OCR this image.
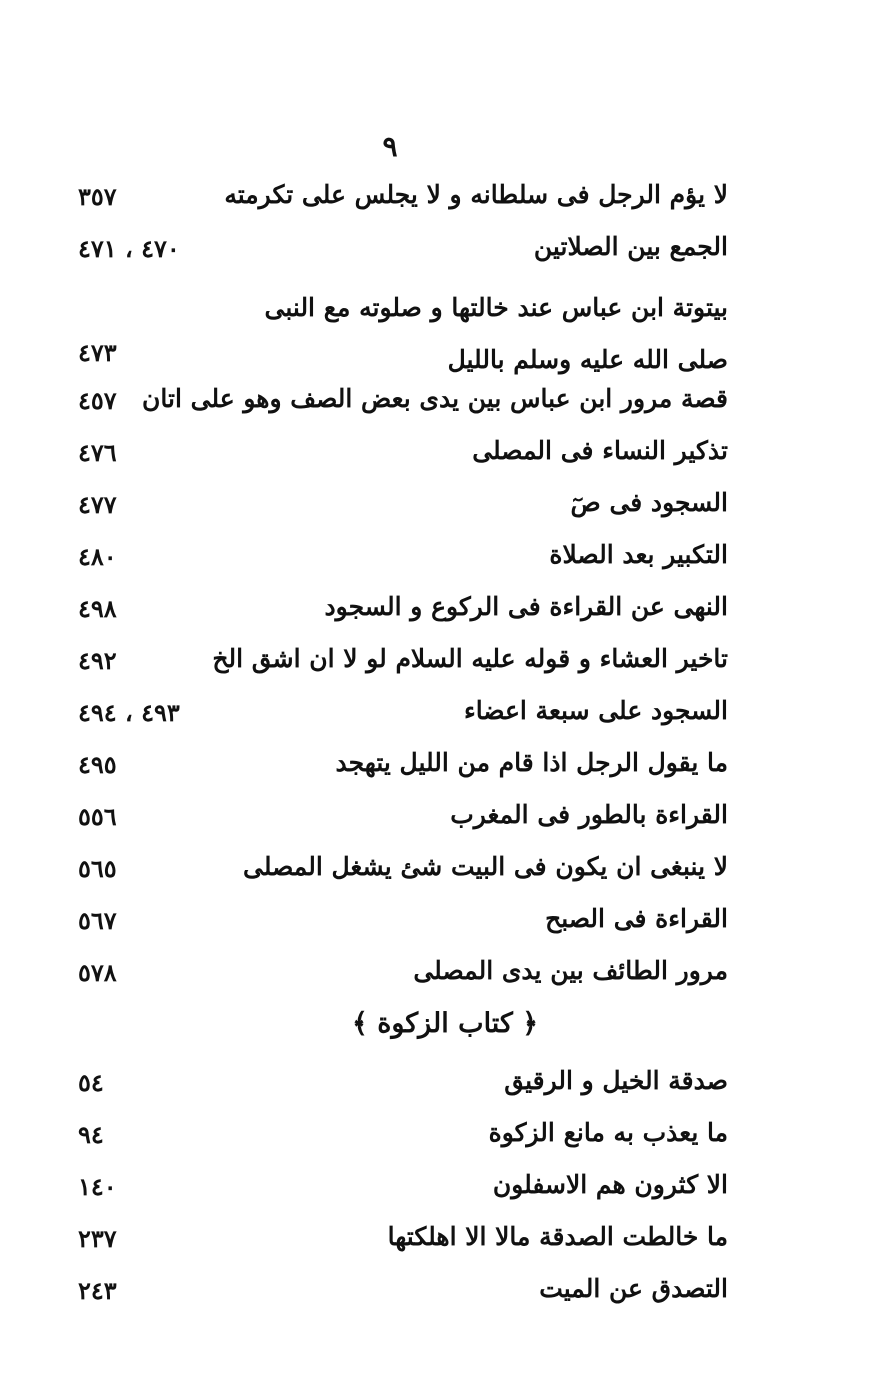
٩
لا يؤم الرجل فى سلطانه و لا يجلس على تكرمته
٣٥٧
الجمع بين الصلاتين
٤٧٠ ، ٤٧١
بيتوتة ابن عباس عند خالتها و صلوته مع النبى صلى الله عليه وسلم بالليل
٤٧٣
قصة مرور ابن عباس بين يدى بعض الصف وهو على اتان
٤٥٧
تذكير النساء فى المصلى
٤٧٦
السجود فى صٓ
٤٧٧
التكبير بعد الصلاة
٤٨٠
النهى عن القراءة فى الركوع و السجود
٤٩٨
تاخير العشاء و قوله عليه السلام لو لا ان اشق الخ
٤٩٢
السجود على سبعة اعضاء
٤٩٣ ، ٤٩٤
ما يقول الرجل اذا قام من الليل يتهجد
٤٩٥
القراءة بالطور فى المغرب
٥٥٦
لا ينبغى ان يكون فى البيت شئ يشغل المصلى
٥٦٥
القراءة فى الصبح
٥٦٧
مرور الطائف بين يدى المصلى
٥٧٨
﴿ كتاب الزكوة ﴾
صدقة الخيل و الرقيق
٥٤
ما يعذب به مانع الزكوة
٩٤
الا كثرون هم الاسفلون
١٤٠
ما خالطت الصدقة مالا الا اهلكتها
٢٣٧
التصدق عن الميت
٢٤٣
